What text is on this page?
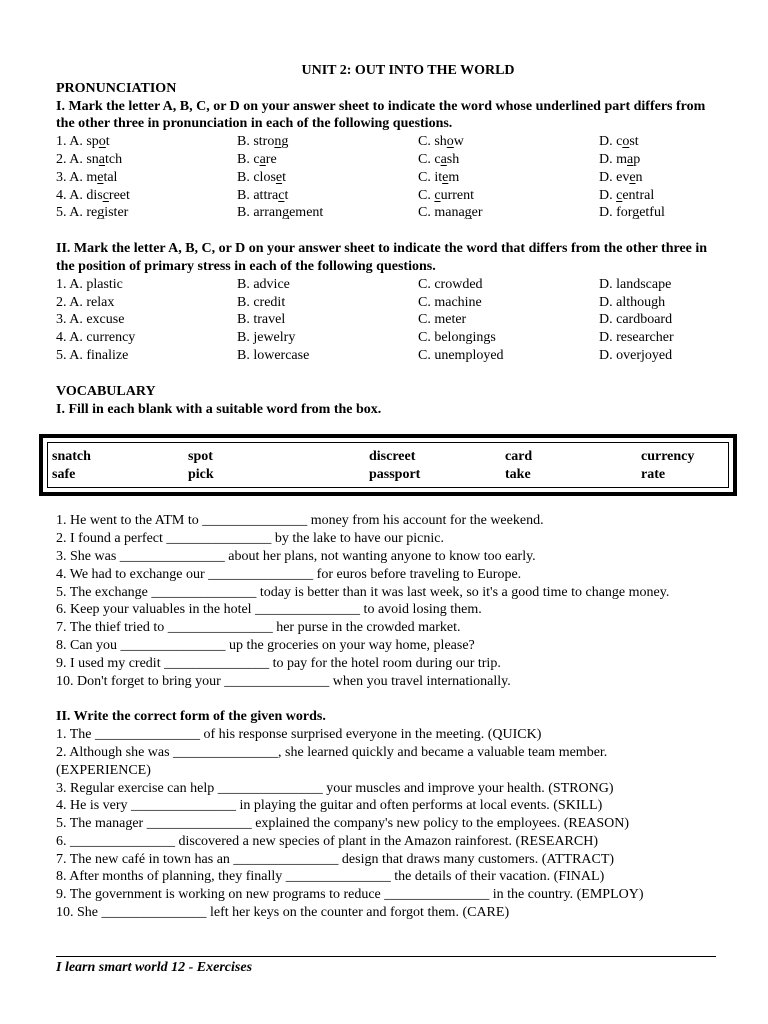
UNIT 2: OUT INTO THE WORLD
PRONUNCIATION
I. Mark the letter A, B, C, or D on your answer sheet to indicate the word whose underlined part differs from the other three in pronunciation in each of the following questions.
1. A. spot	B. strong	C. show	D. cost
2. A. snatch	B. care	C. cash	D. map
3. A. metal	B. closet	C. item	D. even
4. A. discreet	B. attract	C. current	D. central
5. A. register	B. arrangement	C. manager	D. forgetful
II. Mark the letter A, B, C, or D on your answer sheet to indicate the word that differs from the other three in the position of primary stress in each of the following questions.
1. A. plastic	B. advice	C. crowded	D. landscape
2. A. relax	B. credit	C. machine	D. although
3. A. excuse	B. travel	C. meter	D. cardboard
4. A. currency	B. jewelry	C. belongings	D. researcher
5. A. finalize	B. lowercase	C. unemployed	D. overjoyed
VOCABULARY
I. Fill in each blank with a suitable word from the box.
snatch	spot	discreet	card	currency
safe	pick	passport	take	rate
1. He went to the ATM to _______________ money from his account for the weekend.
2. I found a perfect _______________ by the lake to have our picnic.
3. She was _______________ about her plans, not wanting anyone to know too early.
4. We had to exchange our _______________ for euros before traveling to Europe.
5. The exchange _______________ today is better than it was last week, so it's a good time to change money.
6. Keep your valuables in the hotel _______________ to avoid losing them.
7. The thief tried to _______________ her purse in the crowded market.
8. Can you _______________ up the groceries on your way home, please?
9. I used my credit _______________ to pay for the hotel room during our trip.
10. Don't forget to bring your _______________ when you travel internationally.
II. Write the correct form of the given words.
1. The _______________ of his response surprised everyone in the meeting. (QUICK)
2. Although she was _______________, she learned quickly and became a valuable team member. (EXPERIENCE)
3. Regular exercise can help _______________ your muscles and improve your health. (STRONG)
4. He is very _______________ in playing the guitar and often performs at local events. (SKILL)
5. The manager _______________ explained the company's new policy to the employees. (REASON)
6. _______________ discovered a new species of plant in the Amazon rainforest. (RESEARCH)
7. The new café in town has an _______________ design that draws many customers. (ATTRACT)
8. After months of planning, they finally _______________ the details of their vacation. (FINAL)
9. The government is working on new programs to reduce _______________ in the country. (EMPLOY)
10. She _______________ left her keys on the counter and forgot them. (CARE)
I learn smart world 12 - Exercises
